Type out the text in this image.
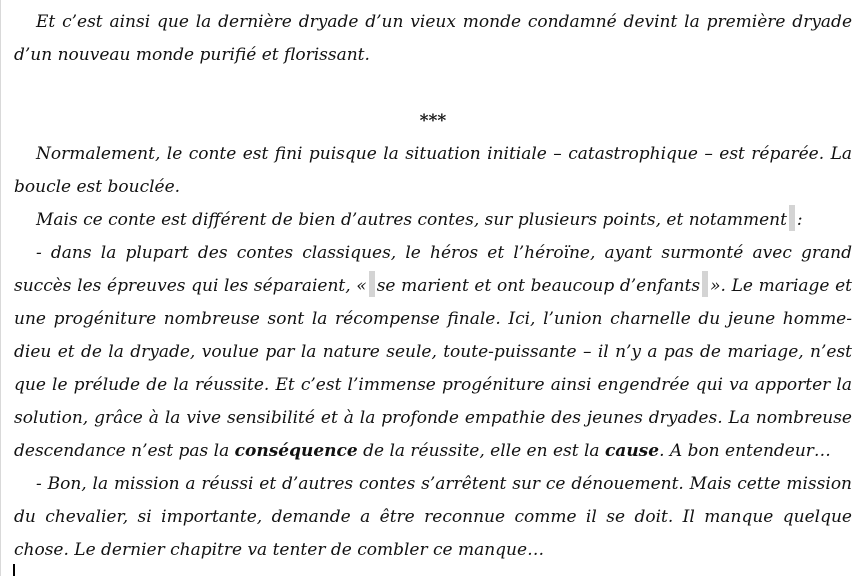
Et c’est ainsi que la dernière dryade d’un vieux monde condamné devint la première dryade d’un nouveau monde purifié et florissant.

***

Normalement, le conte est fini puisque la situation initiale – catastrophique – est réparée. La boucle est bouclée.

Mais ce conte est différent de bien d’autres contes, sur plusieurs points, et notamment :

- dans la plupart des contes classiques, le héros et l’héroïne, ayant surmonté avec grand succès les épreuves qui les séparaient, « se marient et ont beaucoup d’enfants ». Le mariage et une progéniture nombreuse sont la récompense finale. Ici, l’union charnelle du jeune homme-dieu et de la dryade, voulue par la nature seule, toute-puissante – il n’y a pas de mariage, n’est que le prélude de la réussite. Et c’est l’immense progéniture ainsi engendrée qui va apporter la solution, grâce à la vive sensibilité et à la profonde empathie des jeunes dryades. La nombreuse descendance n’est pas la conséquence de la réussite, elle en est la cause. A bon entendeur…

- Bon, la mission a réussi et d’autres contes s’arrêtent sur ce dénouement. Mais cette mission du chevalier, si importante, demande a être reconnue comme il se doit. Il manque quelque chose. Le dernier chapitre va tenter de combler ce manque…
